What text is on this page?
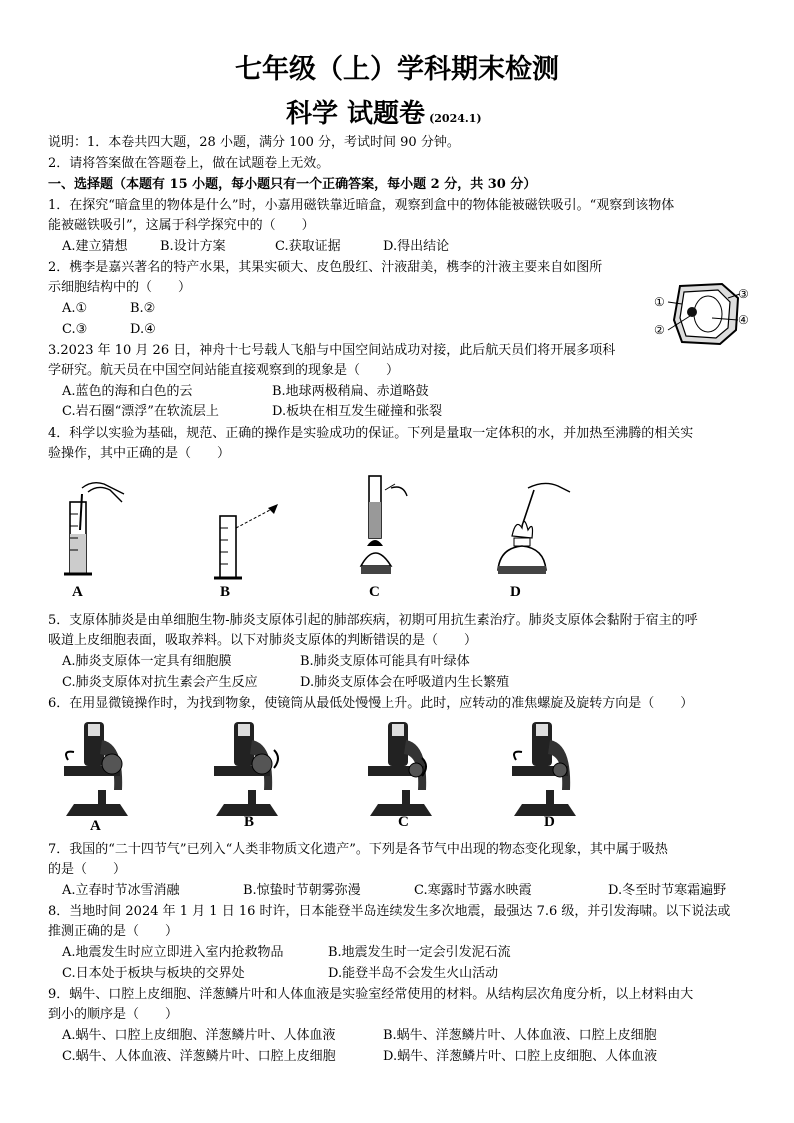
七年级（上）学科期末检测
科学 试题卷 (2024.1)
说明：1．本卷共四大题，28 小题，满分 100 分，考试时间 90 分钟。
2．请将答案做在答题卷上，做在试题卷上无效。
一、选择题（本题有 15 小题，每小题只有一个正确答案，每小题 2 分，共 30 分）
1．在探究“暗盒里的物体是什么”时，小嘉用磁铁靠近暗盒，观察到盒中的物体能被磁铁吸引。“观察到该物体
能被磁铁吸引”，这属于科学探究中的（　　）
A.建立猜想 B.设计方案	C.获取证据	D.得出结论
2．槜李是嘉兴著名的特产水果，其果实硕大、皮色殷红、汁液甜美，槜李的汁液主要来自如图所
示细胞结构中的（　　）
A.①	B.②
C.③	D.④
①
②
③
④
3.2023 年 10 月 26 日，神舟十七号载人飞船与中国空间站成功对接，此后航天员们将开展多项科
学研究。航天员在中国空间站能直接观察到的现象是（　　）
A.蓝色的海和白色的云	B.地球两极稍扁、赤道略鼓
C.岩石圈“漂浮”在软流层上	D.板块在相互发生碰撞和张裂
4．科学以实验为基础，规范、正确的操作是实验成功的保证。下列是量取一定体积的水，并加热至沸腾的相关实
验操作，其中正确的是（　　）
A	B	C	D
5．支原体肺炎是由单细胞生物-肺炎支原体引起的肺部疾病，初期可用抗生素治疗。肺炎支原体会黏附于宿主的呼
吸道上皮细胞表面，吸取养料。以下对肺炎支原体的判断错误的是（　　）
A.肺炎支原体一定具有细胞膜	B.肺炎支原体可能具有叶绿体
C.肺炎支原体对抗生素会产生反应	D.肺炎支原体会在呼吸道内生长繁殖
6．在用显微镜操作时，为找到物象，使镜筒从最低处慢慢上升。此时，应转动的准焦螺旋及旋转方向是（　　）
A	B	C	D
7．我国的“二十四节气”已列入“人类非物质文化遗产”。下列是各节气中出现的物态变化现象，其中属于吸热
的是（　　）
A.立春时节冰雪消融	B.惊蛰时节朝雾弥漫	C.寒露时节露水映霞	D.冬至时节寒霜遍野
8．当地时间 2024 年 1 月 1 日 16 时许，日本能登半岛连续发生多次地震，最强达 7.6 级，并引发海啸。以下说法或
推测正确的是（　　）
A.地震发生时应立即进入室内抢救物品	B.地震发生时一定会引发泥石流
C.日本处于板块与板块的交界处	D.能登半岛不会发生火山活动
9．蜗牛、口腔上皮细胞、洋葱鳞片叶和人体血液是实验室经常使用的材料。从结构层次角度分析，以上材料由大
到小的顺序是（　　）
A.蜗牛、口腔上皮细胞、洋葱鳞片叶、人体血液	B.蜗牛、洋葱鳞片叶、人体血液、口腔上皮细胞
C.蜗牛、人体血液、洋葱鳞片叶、口腔上皮细胞	D.蜗牛、洋葱鳞片叶、口腔上皮细胞、人体血液
